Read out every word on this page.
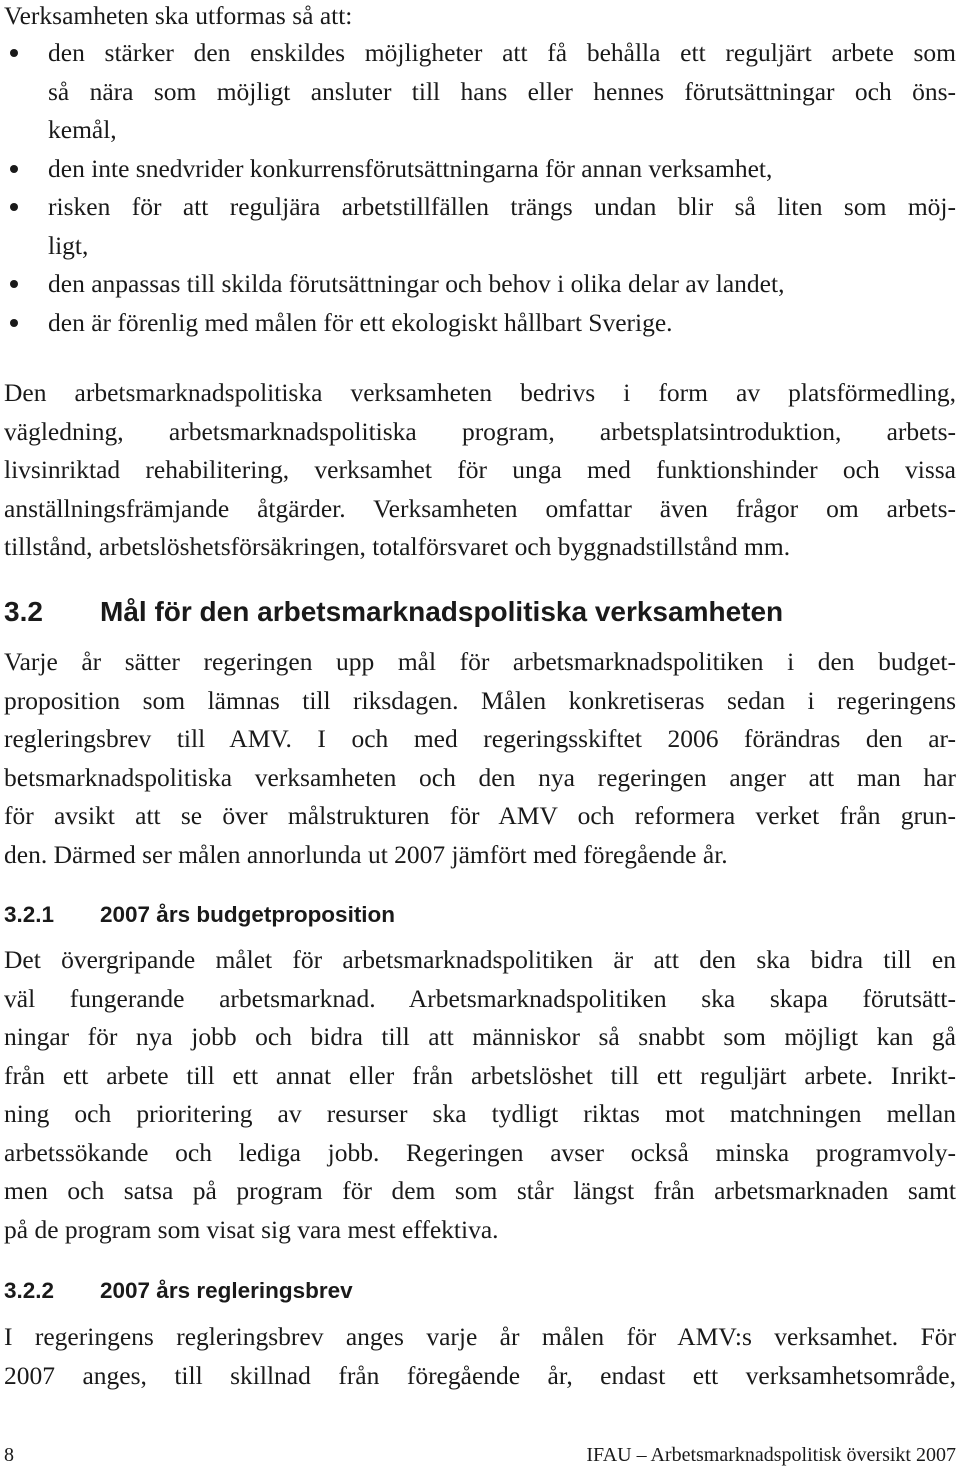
Verksamheten ska utformas så att:

den stärker den enskildes möjligheter att få behålla ett reguljärt arbete som
så nära som möjligt ansluter till hans eller hennes förutsättningar och öns-
kemål,
den inte snedvrider konkurrensförutsättningarna för annan verksamhet,
risken för att reguljära arbetstillfällen trängs undan blir så liten som möj-
ligt,
den anpassas till skilda förutsättningar och behov i olika delar av landet,
den är förenlig med målen för ett ekologiskt hållbart Sverige.

Den arbetsmarknadspolitiska verksamheten bedrivs i form av platsförmedling,
vägledning, arbetsmarknadspolitiska program, arbetsplatsintroduktion, arbets-
livsinriktad rehabilitering, verksamhet för unga med funktionshinder och vissa
anställningsfrämjande åtgärder. Verksamheten omfattar även frågor om arbets-
tillstånd, arbetslöshetsförsäkringen, totalförsvaret och byggnadstillstånd mm.

3.2 Mål för den arbetsmarknadspolitiska verksamheten

Varje år sätter regeringen upp mål för arbetsmarknadspolitiken i den budget-
proposition som lämnas till riksdagen. Målen konkretiseras sedan i regeringens
regleringsbrev till AMV. I och med regeringsskiftet 2006 förändras den ar-
betsmarknadspolitiska verksamheten och den nya regeringen anger att man har
för avsikt att se över målstrukturen för AMV och reformera verket från grun-
den. Därmed ser målen annorlunda ut 2007 jämfört med föregående år.

3.2.1 2007 års budgetproposition

Det övergripande målet för arbetsmarknadspolitiken är att den ska bidra till en
väl fungerande arbetsmarknad. Arbetsmarknadspolitiken ska skapa förutsätt-
ningar för nya jobb och bidra till att människor så snabbt som möjligt kan gå
från ett arbete till ett annat eller från arbetslöshet till ett reguljärt arbete. Inrikt-
ning och prioritering av resurser ska tydligt riktas mot matchningen mellan
arbetssökande och lediga jobb. Regeringen avser också minska programvoly-
men och satsa på program för dem som står längst från arbetsmarknaden samt
på de program som visat sig vara mest effektiva.

3.2.2 2007 års regleringsbrev

I regeringens regleringsbrev anges varje år målen för AMV:s verksamhet. För
2007 anges, till skillnad från föregående år, endast ett verksamhetsområde,

8	IFAU – Arbetsmarknadspolitisk översikt 2007
